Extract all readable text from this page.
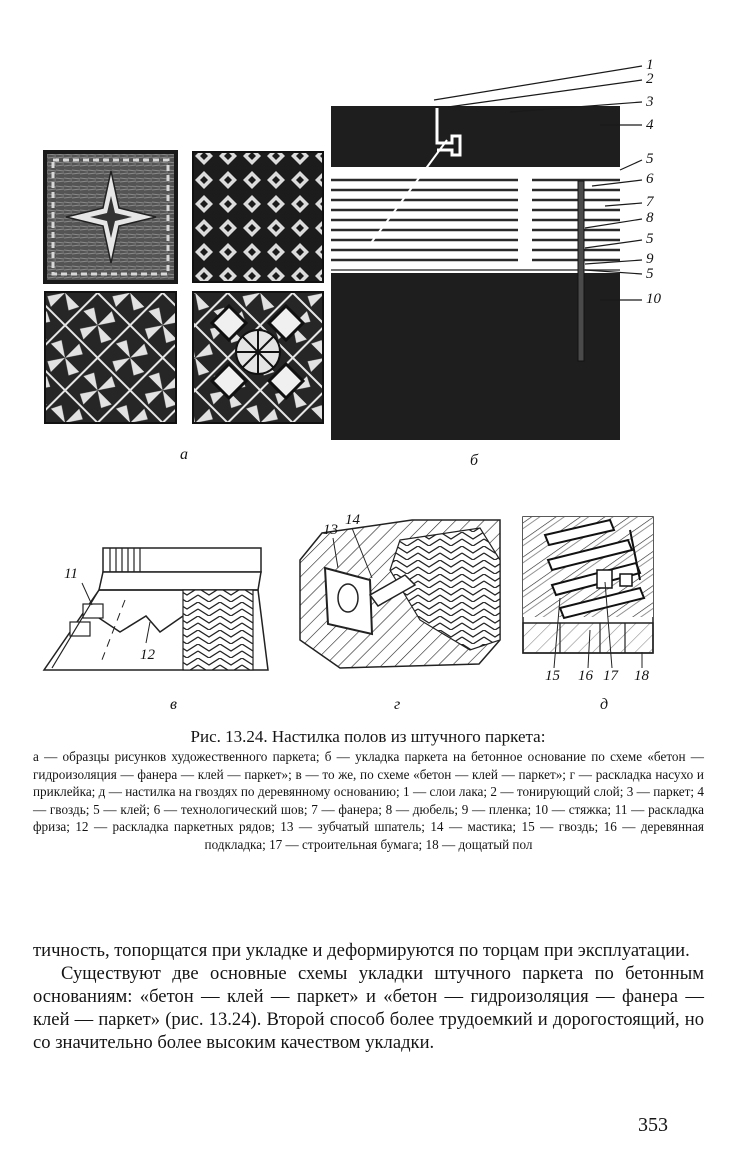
1
2
3
4
5
6
7
8
5
9
5
10
11
12
13
14
15 16 17 18
а	б
в	г	д
Рис. 13.24. Настилка полов из штучного паркета:
а — образцы рисунков художественного паркета; б — укладка паркета на бетонное основание по схеме «бетон — гидроизоляция — фанера — клей — паркет»; в — то же, по схеме «бетон — клей — паркет»; г — раскладка насухо и приклейка; д — настилка на гвоздях по деревянному основанию; 1 — слои лака; 2 — тонирующий слой; 3 — паркет; 4 — гвоздь; 5 — клей; 6 — технологический шов; 7 — фанера; 8 — дюбель; 9 — пленка; 10 — стяжка; 11 — раскладка фриза; 12 — раскладка паркетных рядов; 13 — зубчатый шпатель; 14 — мастика; 15 — гвоздь; 16 — деревянная подкладка; 17 — строительная бумага; 18 — дощатый пол

тичность, топорщатся при укладке и деформируются по торцам при эксплуатации.

Существуют две основные схемы укладки штучного паркета по бетонным основаниям: «бетон — клей — паркет» и «бетон — гидроизоляция — фанера — клей — паркет» (рис. 13.24). Второй способ более трудоемкий и дорогостоящий, но со значительно более высоким качеством укладки.

353
